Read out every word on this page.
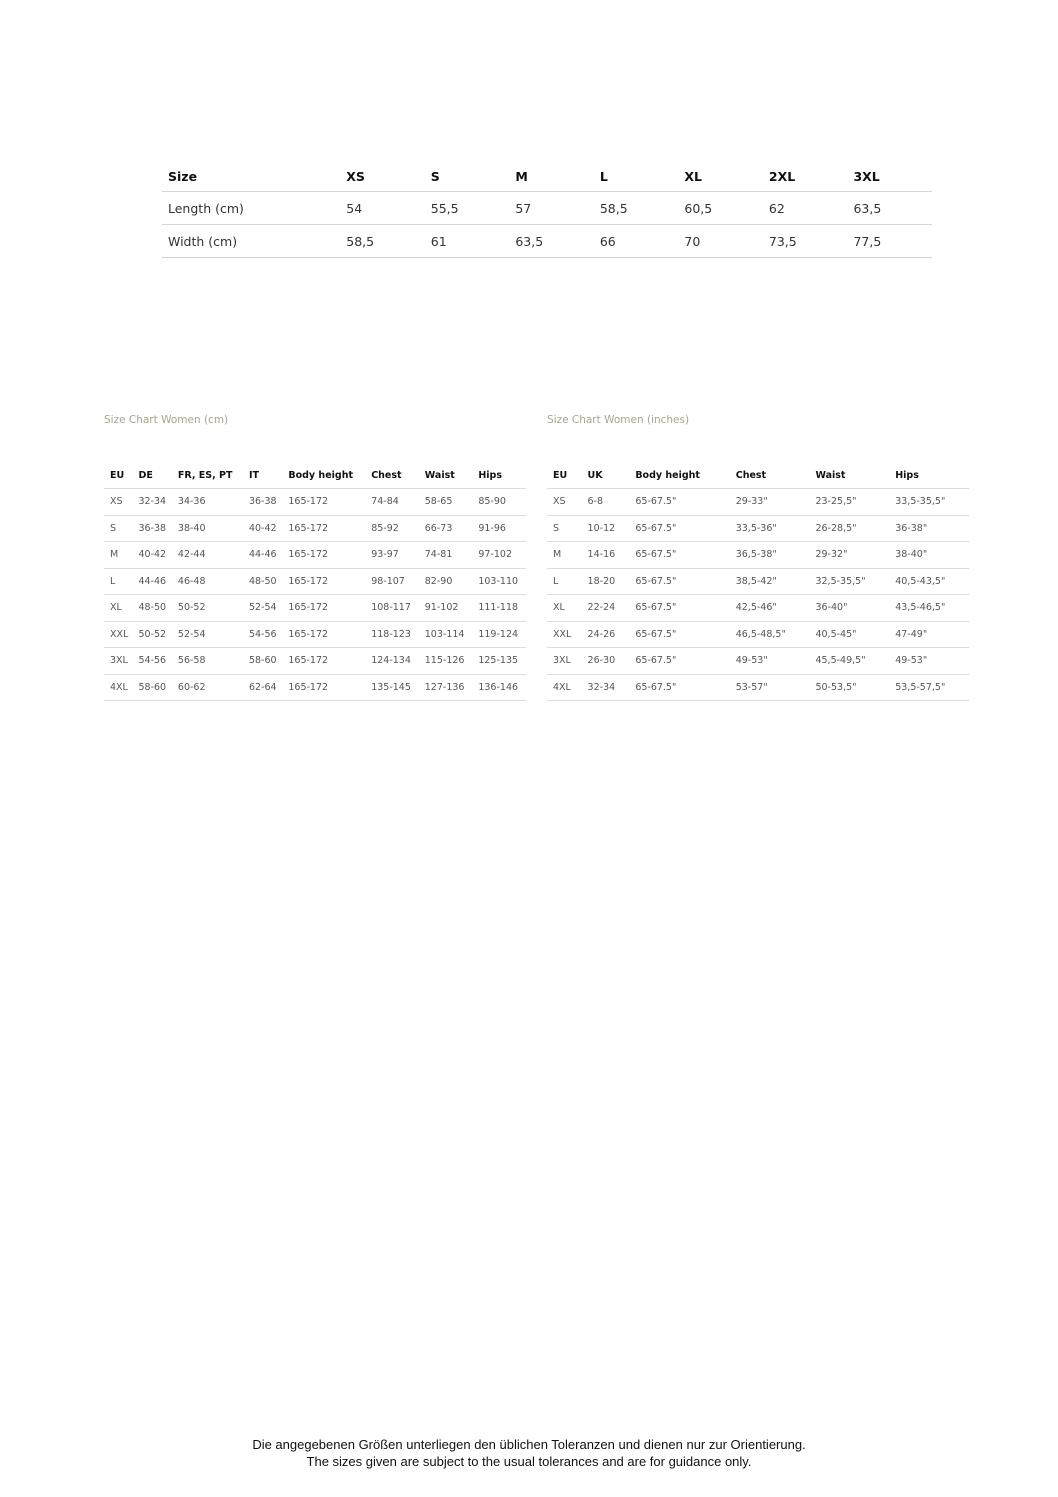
Size	XS	S	M	L	XL	2XL	3XL
Length (cm)	54	55,5	57	58,5	60,5	62	63,5
Width (cm)	58,5	61	63,5	66	70	73,5	77,5
Size Chart Women (cm)
EU	DE	FR, ES, PT	IT	Body height	Chest	Waist	Hips
XS	32-34	34-36	36-38	165-172	74-84	58-65	85-90
S	36-38	38-40	40-42	165-172	85-92	66-73	91-96
M	40-42	42-44	44-46	165-172	93-97	74-81	97-102
L	44-46	46-48	48-50	165-172	98-107	82-90	103-110
XL	48-50	50-52	52-54	165-172	108-117	91-102	111-118
XXL	50-52	52-54	54-56	165-172	118-123	103-114	119-124
3XL	54-56	56-58	58-60	165-172	124-134	115-126	125-135
4XL	58-60	60-62	62-64	165-172	135-145	127-136	136-146
Size Chart Women (inches)
EU	UK	Body height	Chest	Waist	Hips
XS	6-8	65-67.5"	29-33"	23-25,5"	33,5-35,5"
S	10-12	65-67.5"	33,5-36"	26-28,5"	36-38"
M	14-16	65-67.5"	36,5-38"	29-32"	38-40"
L	18-20	65-67.5"	38,5-42"	32,5-35,5"	40,5-43,5"
XL	22-24	65-67.5"	42,5-46"	36-40"	43,5-46,5"
XXL	24-26	65-67.5"	46,5-48,5"	40,5-45"	47-49"
3XL	26-30	65-67.5"	49-53"	45,5-49,5"	49-53"
4XL	32-34	65-67.5"	53-57"	50-53,5"	53,5-57,5"
Die angegebenen Größen unterliegen den üblichen Toleranzen und dienen nur zur Orientierung.
The sizes given are subject to the usual tolerances and are for guidance only.
